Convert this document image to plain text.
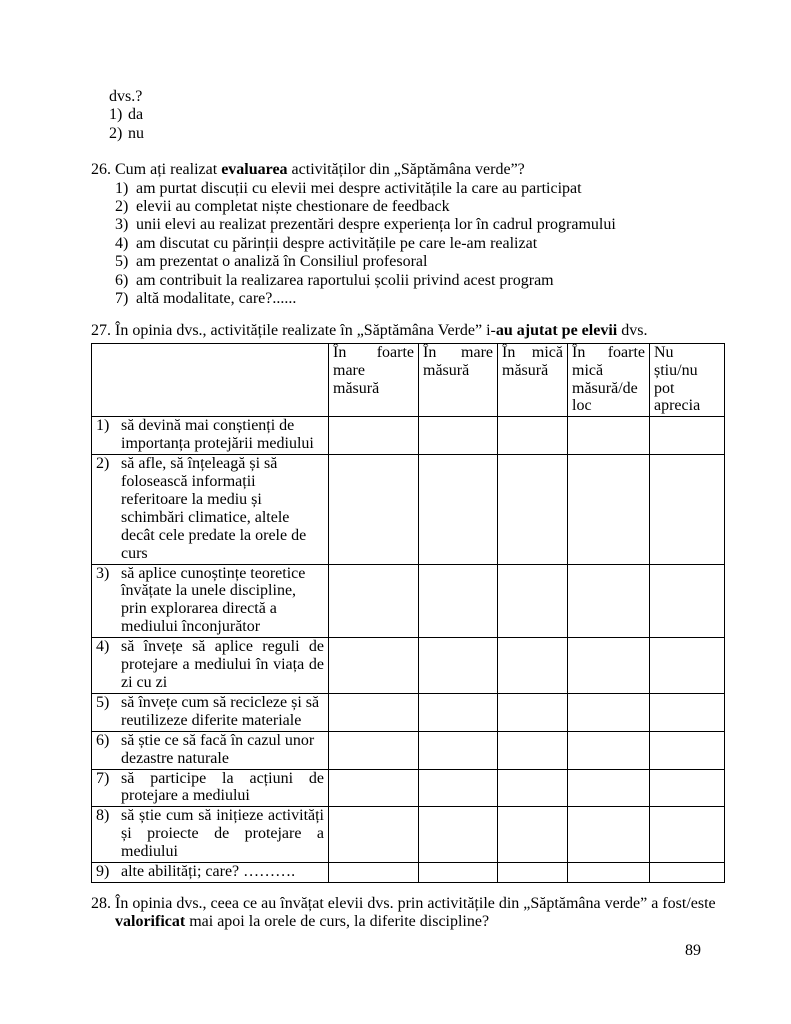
dvs.?
1) da
2) nu
26. Cum ați realizat evaluarea activităților din „Săptămâna verde”?
1) am purtat discuții cu elevii mei despre activitățile la care au participat
2) elevii au completat niște chestionare de feedback
3) unii elevi au realizat prezentări despre experiența lor în cadrul programului
4) am discutat cu părinții despre activitățile pe care le-am realizat
5) am prezentat o analiză în Consiliul profesoral
6) am contribuit la realizarea raportului școlii privind acest program
7) altă modalitate, care?......
27. În opinia dvs., activitățile realizate în „Săptămâna Verde” i-au ajutat pe elevii dvs.
	În foarte mare măsură	În mare măsură	În mică măsură	În foarte mică măsură/de loc	Nu știu/nu pot aprecia

1) să devină mai conștienți de importanța protejării mediului					

2) să afle, să înțeleagă și să folosească informații referitoare la mediu și schimbări climatice, altele decât cele predate la orele de curs					

3) să aplice cunoștințe teoretice învățate la unele discipline, prin explorarea directă a mediului înconjurător					

4) să învețe să aplice reguli de protejare a mediului în viața de zi cu zi					

5) să învețe cum să recicleze și să reutilizeze diferite materiale					

6) să știe ce să facă în cazul unor dezastre naturale					

7) să participe la acțiuni de protejare a mediului					

8) să știe cum să inițieze activități și proiecte de protejare a mediului					

9) alte abilități; care? ……….					

28. În opinia dvs., ceea ce au învățat elevii dvs. prin activitățile din „Săptămâna verde” a fost/este valorificat mai apoi la orele de curs, la diferite discipline?
89
